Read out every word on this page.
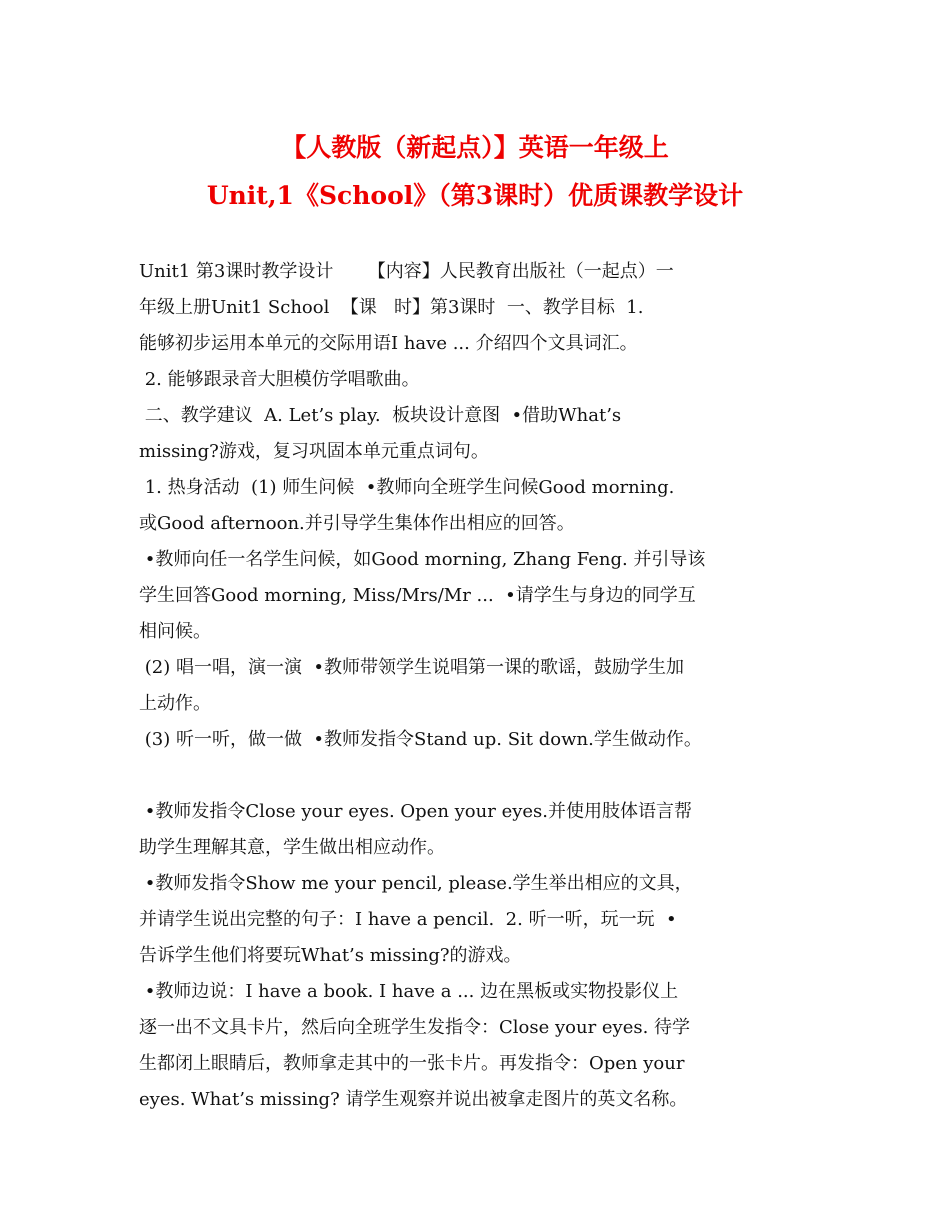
【人教版（新起点）】英语一年级上
Unit,1《School》（第3课时）优质课教学设计
Unit1 第3课时教学设计      【内容】人民教育出版社（一起点）一
年级上册Unit1 School  【课   时】第3课时  一、教学目标  1.
能够初步运用本单元的交际用语I have ... 介绍四个文具词汇。
2. 能够跟录音大胆模仿学唱歌曲。
二、教学建议  A. Let’s play.  板块设计意图  •借助What’s
missing?游戏，复习巩固本单元重点词句。
1. 热身活动  (1) 师生问候  •教师向全班学生问候Good morning.
或Good afternoon.并引导学生集体作出相应的回答。
•教师向任一名学生问候，如Good morning, Zhang Feng. 并引导该
学生回答Good morning, Miss/Mrs/Mr ...  •请学生与身边的同学互
相问候。
(2) 唱一唱，演一演  •教师带领学生说唱第一课的歌谣，鼓励学生加
上动作。
(3) 听一听，做一做  •教师发指令Stand up. Sit down.学生做动作。
•教师发指令Close your eyes. Open your eyes.并使用肢体语言帮
助学生理解其意，学生做出相应动作。
•教师发指令Show me your pencil, please.学生举出相应的文具，
并请学生说出完整的句子：I have a pencil.  2. 听一听，玩一玩  •
告诉学生他们将要玩What’s missing?的游戏。
•教师边说：I have a book. I have a ... 边在黑板或实物投影仪上
逐一出不文具卡片，然后向全班学生发指令：Close your eyes. 待学
生都闭上眼睛后，教师拿走其中的一张卡片。再发指令：Open your
eyes. What’s missing? 请学生观察并说出被拿走图片的英文名称。
